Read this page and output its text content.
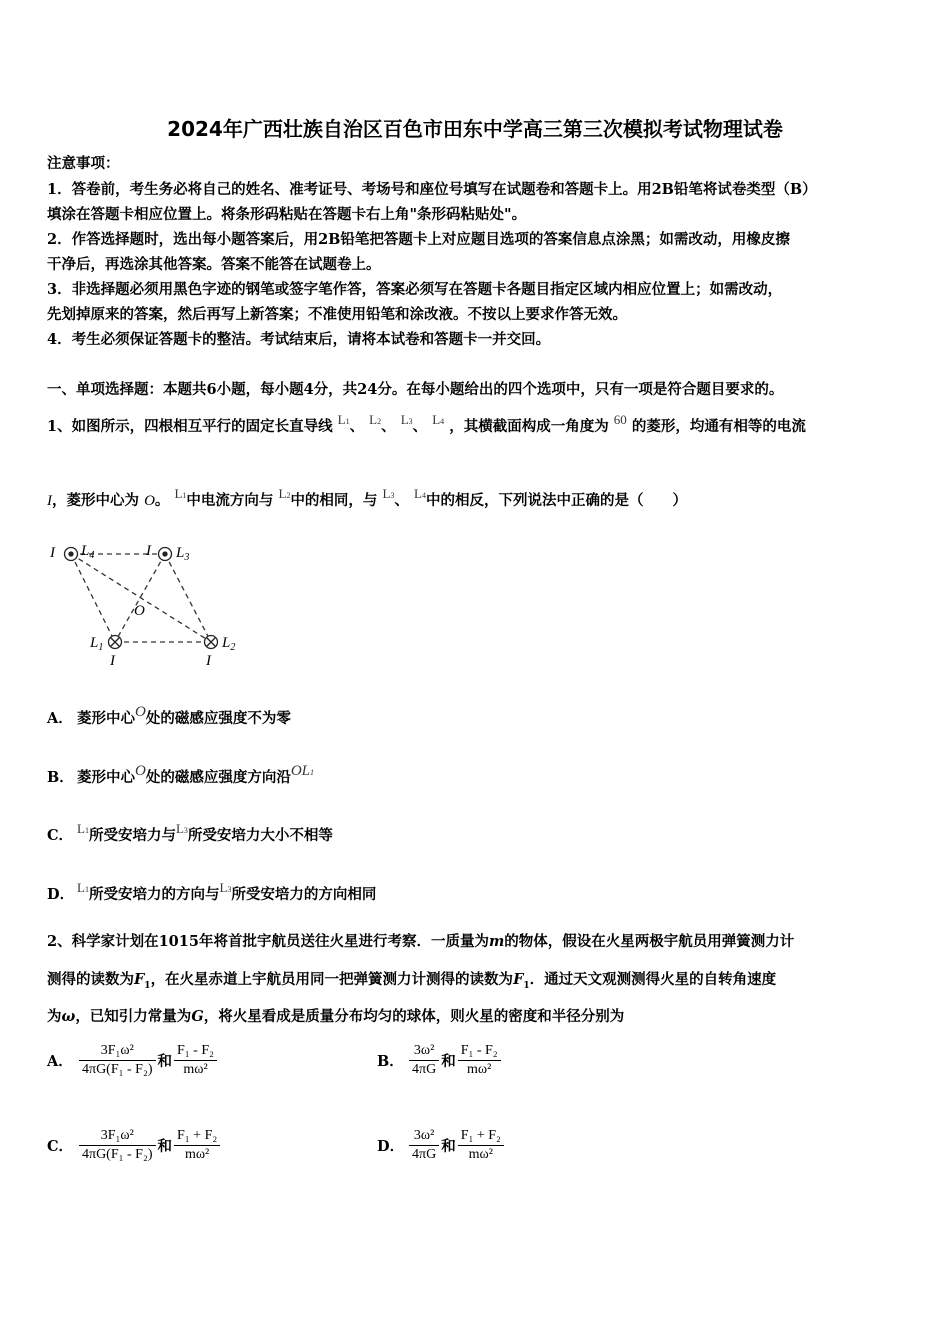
2024年广西壮族自治区百色市田东中学高三第三次模拟考试物理试卷
注意事项：
1．答卷前，考生务必将自己的姓名、准考证号、考场号和座位号填写在试题卷和答题卡上。用2B铅笔将试卷类型（B）
填涂在答题卡相应位置上。将条形码粘贴在答题卡右上角"条形码粘贴处"。
2．作答选择题时，选出每小题答案后，用2B铅笔把答题卡上对应题目选项的答案信息点涂黑；如需改动，用橡皮擦
干净后，再选涂其他答案。答案不能答在试题卷上。
3．非选择题必须用黑色字迹的钢笔或签字笔作答，答案必须写在答题卡各题目指定区域内相应位置上；如需改动，
先划掉原来的答案，然后再写上新答案；不准使用铅笔和涂改液。不按以上要求作答无效。
4．考生必须保证答题卡的整洁。考试结束后，请将本试卷和答题卡一并交回。
一、单项选择题：本题共6小题，每小题4分，共24分。在每小题给出的四个选项中，只有一项是符合题目要求的。
1、如图所示，四根相互平行的固定长直导线 L1、 L2、 L3、 L4 ，其横截面构成一角度为 60 的菱形，均通有相等的电流
I，菱形中心为 O。 L1中电流方向与 L2中的相同，与 L3、 L4中的相反，下列说法中正确的是（　　）
I $L_4$	I $L_3$
O
$L_1$
I
$L_2$
I
A． 菱形中心O处的磁感应强度不为零
B． 菱形中心O处的磁感应强度方向沿OL1
C． L1所受安培力与L3所受安培力大小不相等
D． L1所受安培力的方向与L3所受安培力的方向相同
2、科学家计划在1015年将首批宇航员送往火星进行考察．一质量为m的物体，假设在火星两极宇航员用弹簧测力计
测得的读数为$F_1$，在火星赤道上宇航员用同一把弹簧测力计测得的读数为$F_1$．通过天文观测测得火星的自转角速度
为ω，已知引力常量为G，将火星看成是质量分布均匀的球体，则火星的密度和半径分别为
A． $\frac{\text{3F₁ω²}}{\text{4πG(F₁ - F₂)}}$ 和 $\frac{\text{F₁ - F₂}}{\text{mω²}}$	B． $\frac{\text{3ω²}}{4\pi G}$ 和 $\frac{\text{F₁ - F₂}}{\text{mω²}}$
C． $\frac{\text{3F₁ω²}}{\text{4πG(F₁ - F₂)}}$ 和 $\frac{\text{F₁ + F₂}}{\text{mω²}}$	D． $\frac{\text{3ω²}}{4\pi G}$ 和 $\frac{\text{F₁ + F₂}}{\text{mω²}}$
